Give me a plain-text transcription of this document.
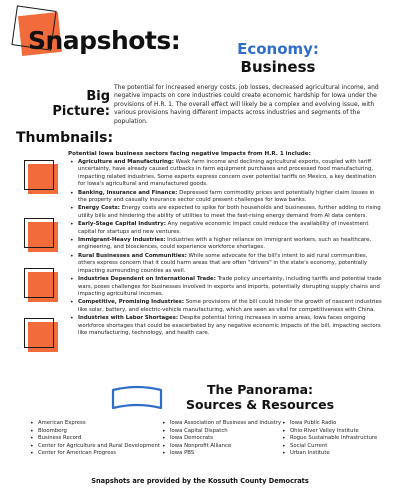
Snapshots:	Economy:
Business
Big
Picture:
The potential for increased energy costs, job losses, decreased agricultural income, and negative impacts on core industries could create economic hardship for Iowa under the provisions of H.R. 1. The overall effect will likely be a complex and evolving issue, with various provisions having different impacts across industries and segments of the population.
Thumbnails:
Potential Iowa business sectors facing negative impacts from H.R. 1 include:
• Agriculture and Manufacturing: Weak farm income and declining agricultural exports, coupled with tariff uncertainty, have already caused cutbacks in farm equipment purchases and processed food manufacturing, impacting related industries. Some experts express concern over potential tariffs on Mexico, a key destination for Iowa's agricultural and manufactured goods.
• Banking, Insurance and Finance: Depressed farm commodity prices and potentially higher claim losses in the property and casualty insurance sector could present challenges for Iowa banks.
• Energy Costs: Energy costs are expected to spike for both households and businesses, further adding to rising utility bills and hindering the ability of utilities to meet the fast-rising energy demand from AI data centers.
• Early-Stage Capital Industry: Any negative economic impact could reduce the availability of investment capital for startups and new ventures.
• Immigrant-Heavy Industries: Industries with a higher reliance on immigrant workers, such as healthcare, engineering, and biosciences, could experience workforce shortages.
• Rural Businesses and Communities: While some advocate for the bill's intent to aid rural communities, others express concern that it could harm areas that are often "drivers" in the state's economy, potentially impacting surrounding counties as well.
• Industries Dependent on International Trade: Trade policy uncertainty, including tariffs and potential trade wars, poses challenges for businesses involved in exports and imports, potentially disrupting supply chains and impacting agricultural incomes.
• Competitive, Promising Industries: Some provisions of the bill could hinder the growth of nascent industries like solar, battery, and electric-vehicle manufacturing, which are seen as vital for competitiveness with China.
• Industries with Labor Shortages: Despite potential hiring increases in some areas, Iowa faces ongoing workforce shortages that could be exacerbated by any negative economic impacts of the bill, impacting sectors like manufacturing, technology, and health care.
The Panorama:
Sources & Resources
• American Express
• Bloomberg
• Business Record
• Center for Agriculture and Rural Development
• Center for American Progress
• Iowa Association of Business and Industry
• Iowa Capital Dispatch
• Iowa Democrats
• Iowa Nonprofit Alliance
• Iowa PBS
• Iowa Public Radio
• Ohio River Valley Institute
• Rogue Sustainable Infrastructure
• Social Current
• Urban Institute
Snapshots are provided by the Kossuth County Democrats
